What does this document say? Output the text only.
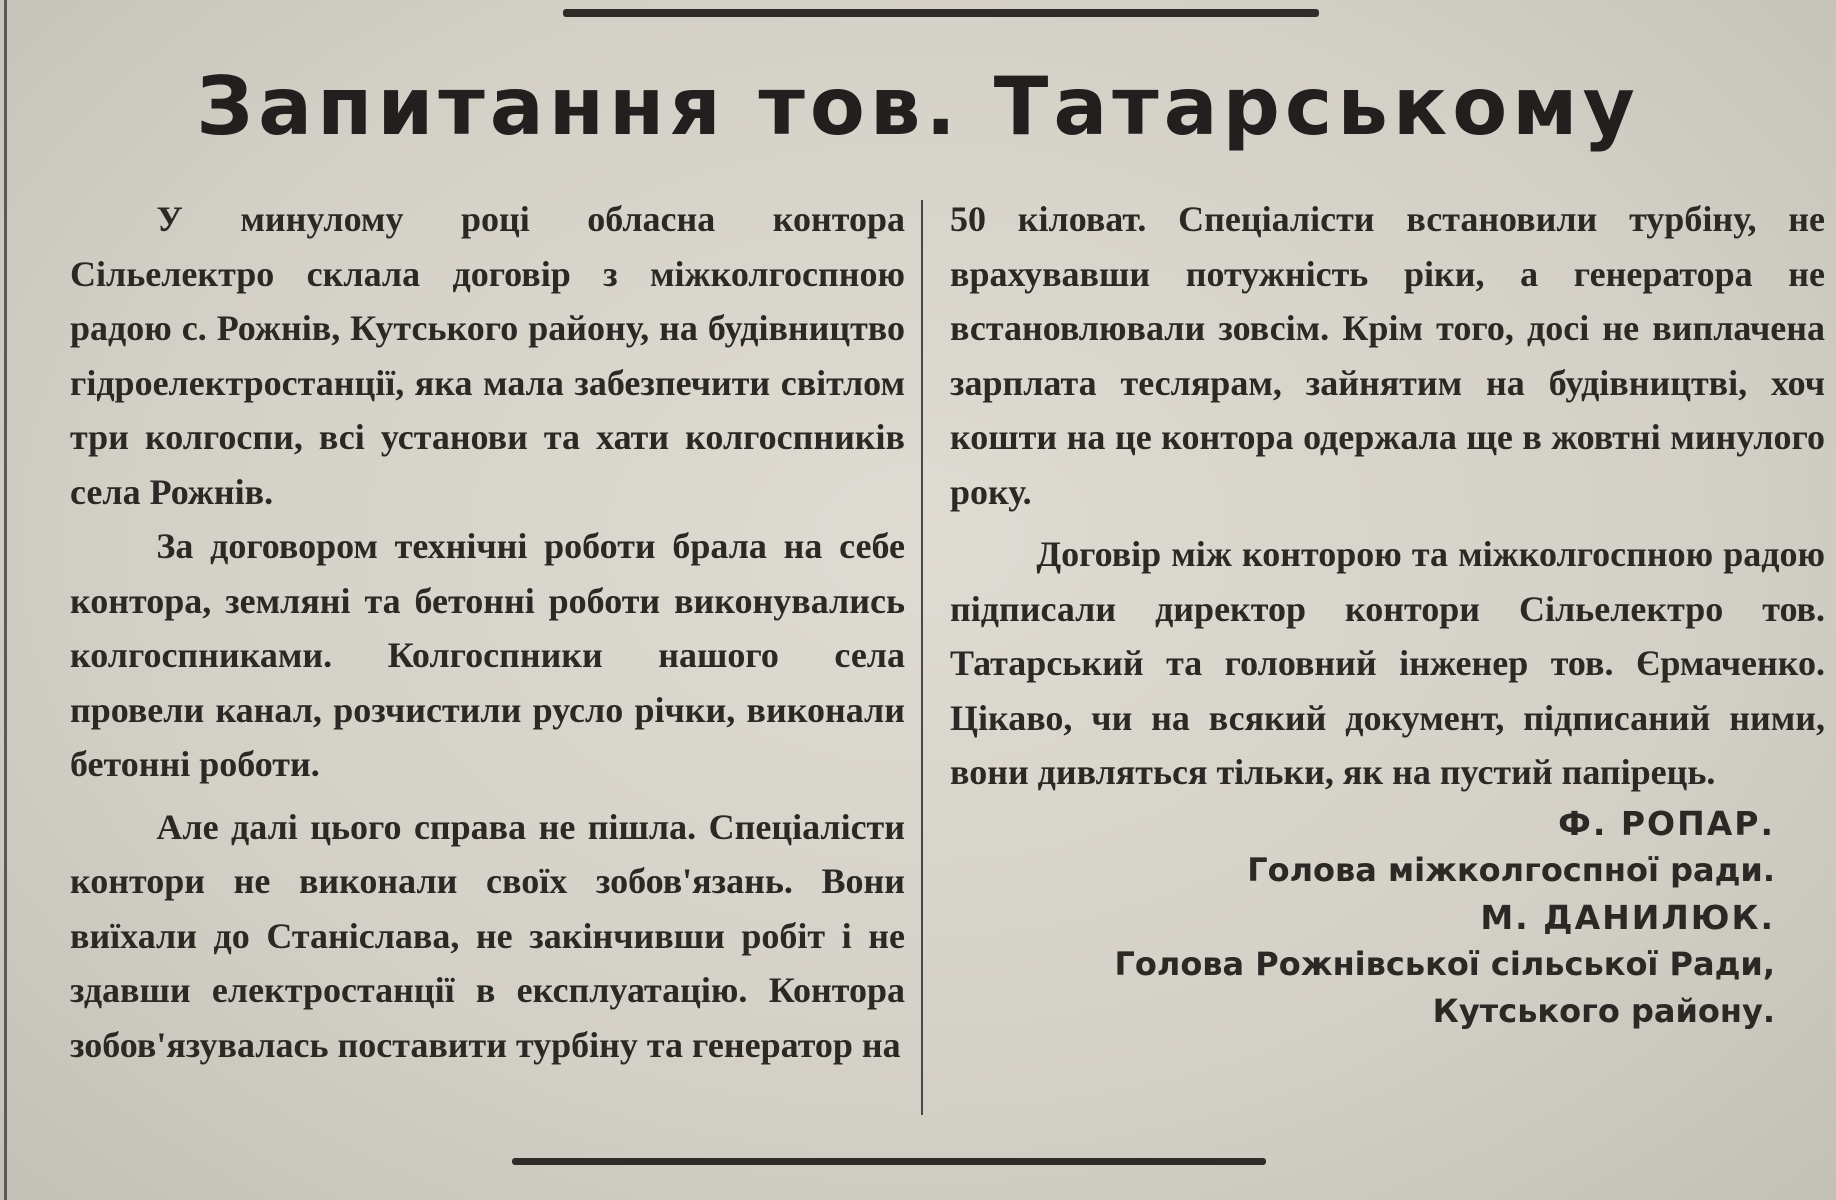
Запитання тов. Татарському

У минулому році обласна контора Сільелектро склала договір з міжколгоспною радою с. Рожнів, Кутського району, на будівництво гідроелектростанції, яка мала забезпечити світлом три колгоспи, всі установи та хати колгоспників села Рожнів.

За договором технічні роботи брала на себе контора, земляні та бетонні роботи виконувались колгоспниками. Колгоспники нашого села провели канал, розчистили русло річки, виконали бетонні роботи.

Але далі цього справа не пішла. Спеціалісти контори не виконали своїх зобов'язань. Вони виїхали до Станіслава, не закінчивши робіт і не здавши електростанції в експлуатацію. Контора зобов'язувалась поставити турбіну та генератор на

50 кіловат. Спеціалісти встановили турбіну, не врахувавши потужність ріки, а генератора не встановлювали зовсім. Крім того, досі не виплачена зарплата теслярам, зайнятим на будівництві, хоч кошти на це контора одержала ще в жовтні минулого року.

Договір між конторою та міжколгоспною радою підписали директор контори Сільелектро тов. Татарський та головний інженер тов. Єрмаченко. Цікаво, чи на всякий документ, підписаний ними, вони дивляться тільки, як на пустий папірець.

Ф. РОПАР.

Голова міжколгоспної ради.

М. ДАНИЛЮК.

Голова Рожнівської сільської Ради, Кутського району.
